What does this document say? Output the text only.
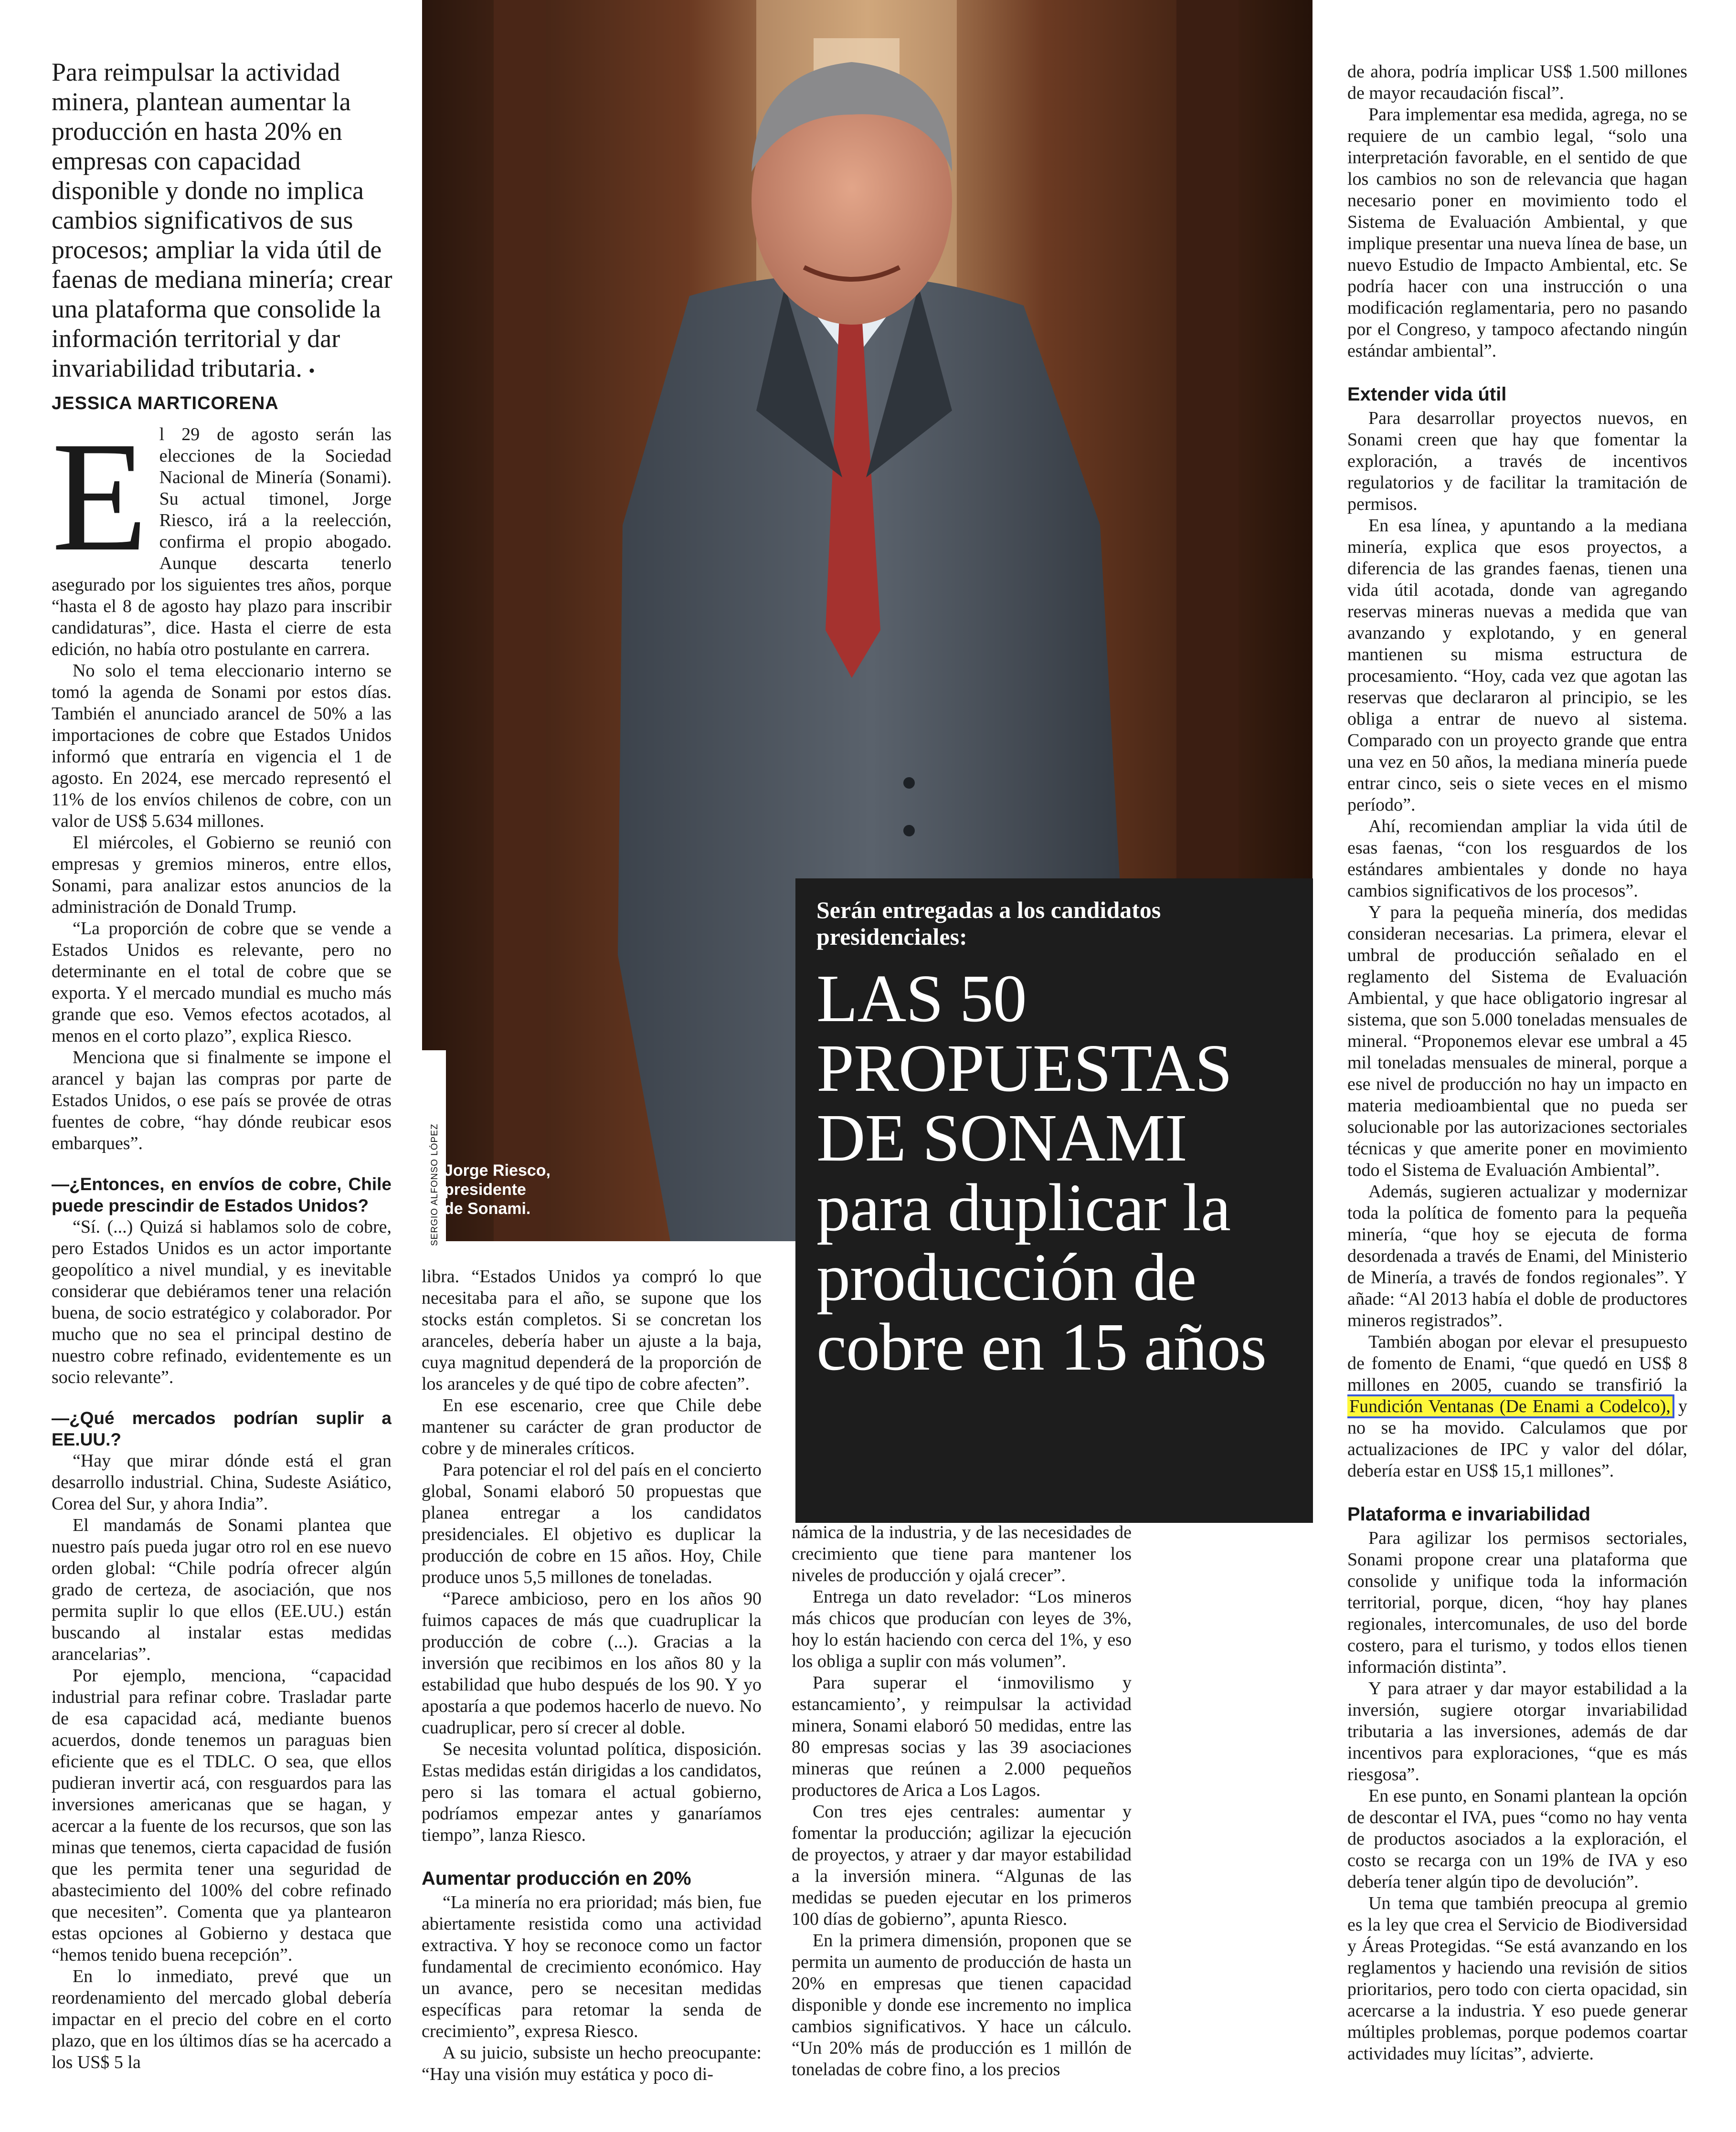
Para reimpulsar la actividad minera, plantean aumentar la producción en hasta 20% en empresas con capacidad disponible y donde no implica cambios significativos de sus procesos; ampliar la vida útil de faenas de mediana minería; crear una plataforma que consolide la información territorial y dar invariabilidad tributaria. • JESSICA MARTICORENA
SERGIO ALFONSO LÓPEZ Jorge Riesco,
presidente
de Sonami.
Serán entregadas a los candidatos presidenciales:
LAS 50 PROPUESTAS DE SONAMI para duplicar la producción de cobre en 15 años

El 29 de agosto serán las elecciones de la Sociedad Nacional de Minería (Sonami). Su actual timonel, Jorge Riesco, irá a la reelección, confirma el propio abogado. Aunque descarta tenerlo asegurado por los siguientes tres años, porque “hasta el 8 de agosto hay plazo para inscribir candidaturas”, dice. Hasta el cierre de esta edición, no había otro postulante en carrera.

No solo el tema eleccionario interno se tomó la agenda de Sonami por estos días. También el anunciado arancel de 50% a las importaciones de cobre que Estados Unidos informó que entraría en vigencia el 1 de agosto. En 2024, ese mercado representó el 11% de los envíos chilenos de cobre, con un valor de US$ 5.634 millones.

El miércoles, el Gobierno se reunió con empresas y gremios mineros, entre ellos, Sonami, para analizar estos anuncios de la administración de Donald Trump.

“La proporción de cobre que se vende a Estados Unidos es relevante, pero no determinante en el total de cobre que se exporta. Y el mercado mundial es mucho más grande que eso. Vemos efectos acotados, al menos en el corto plazo”, explica Riesco.

Menciona que si finalmente se impone el arancel y bajan las compras por parte de Estados Unidos, o ese país se provée de otras fuentes de cobre, “hay dónde reubicar esos embarques”.

—¿Entonces, en envíos de cobre, Chile puede prescindir de Estados Unidos?

“Sí. (...) Quizá si hablamos solo de cobre, pero Estados Unidos es un actor importante geopolítico a nivel mundial, y es inevitable considerar que debiéramos tener una relación buena, de socio estratégico y colaborador. Por mucho que no sea el principal destino de nuestro cobre refinado, evidentemente es un socio relevante”.

—¿Qué mercados podrían suplir a EE.UU.?

“Hay que mirar dónde está el gran desarrollo industrial. China, Sudeste Asiático, Corea del Sur, y ahora India”.

El mandamás de Sonami plantea que nuestro país pueda jugar otro rol en ese nuevo orden global: “Chile podría ofrecer algún grado de certeza, de asociación, que nos permita suplir lo que ellos (EE.UU.) están buscando al instalar estas medidas arancelarias”.

Por ejemplo, menciona, “capacidad industrial para refinar cobre. Trasladar parte de esa capacidad acá, mediante buenos acuerdos, donde tenemos un paraguas bien eficiente que es el TDLC. O sea, que ellos pudieran invertir acá, con resguardos para las inversiones americanas que se hagan, y acercar a la fuente de los recursos, que son las minas que tenemos, cierta capacidad de fusión que les permita tener una seguridad de abastecimiento del 100% del cobre refinado que necesiten”. Comenta que ya plantearon estas opciones al Gobierno y destaca que “hemos tenido buena recepción”.

En lo inmediato, prevé que un reordenamiento del mercado global debería impactar en el precio del cobre en el corto plazo, que en los últimos días se ha acercado a los US$ 5 la

libra. “Estados Unidos ya compró lo que necesitaba para el año, se supone que los stocks están completos. Si se concretan los aranceles, debería haber un ajuste a la baja, cuya magnitud dependerá de la proporción de los aranceles y de qué tipo de cobre afecten”.

En ese escenario, cree que Chile debe mantener su carácter de gran productor de cobre y de minerales críticos.

Para potenciar el rol del país en el concierto global, Sonami elaboró 50 propuestas que planea entregar a los candidatos presidenciales. El objetivo es duplicar la producción de cobre en 15 años. Hoy, Chile produce unos 5,5 millones de toneladas.

“Parece ambicioso, pero en los años 90 fuimos capaces de más que cuadruplicar la producción de cobre (...). Gracias a la inversión que recibimos en los años 80 y la estabilidad que hubo después de los 90. Y yo apostaría a que podemos hacerlo de nuevo. No cuadruplicar, pero sí crecer al doble.

Se necesita voluntad política, disposición. Estas medidas están dirigidas a los candidatos, pero si las tomara el actual gobierno, podríamos empezar antes y ganaríamos tiempo”, lanza Riesco.

Aumentar producción en 20%

“La minería no era prioridad; más bien, fue abiertamente resistida como una actividad extractiva. Y hoy se reconoce como un factor fundamental de crecimiento económico. Hay un avance, pero se necesitan medidas específicas para retomar la senda de crecimiento”, expresa Riesco.

A su juicio, subsiste un hecho preocupante: “Hay una visión muy estática y poco di-

námica de la industria, y de las necesidades de crecimiento que tiene para mantener los niveles de producción y ojalá crecer”.

Entrega un dato revelador: “Los mineros más chicos que producían con leyes de 3%, hoy lo están haciendo con cerca del 1%, y eso los obliga a suplir con más volumen”.

Para superar el ‘inmovilismo y estancamiento’, y reimpulsar la actividad minera, Sonami elaboró 50 medidas, entre las 80 empresas socias y las 39 asociaciones mineras que reúnen a 2.000 pequeños productores de Arica a Los Lagos.

Con tres ejes centrales: aumentar y fomentar la producción; agilizar la ejecución de proyectos, y atraer y dar mayor estabilidad a la inversión minera. “Algunas de las medidas se pueden ejecutar en los primeros 100 días de gobierno”, apunta Riesco.

En la primera dimensión, proponen que se permita un aumento de producción de hasta un 20% en empresas que tienen capacidad disponible y donde ese incremento no implica cambios significativos. Y hace un cálculo. “Un 20% más de producción es 1 millón de toneladas de cobre fino, a los precios

de ahora, podría implicar US$ 1.500 millones de mayor recaudación fiscal”.

Para implementar esa medida, agrega, no se requiere de un cambio legal, “solo una interpretación favorable, en el sentido de que los cambios no son de relevancia que hagan necesario poner en movimiento todo el Sistema de Evaluación Ambiental, y que implique presentar una nueva línea de base, un nuevo Estudio de Impacto Ambiental, etc. Se podría hacer con una instrucción o una modificación reglamentaria, pero no pasando por el Congreso, y tampoco afectando ningún estándar ambiental”.

Extender vida útil

Para desarrollar proyectos nuevos, en Sonami creen que hay que fomentar la exploración, a través de incentivos regulatorios y de facilitar la tramitación de permisos.

En esa línea, y apuntando a la mediana minería, explica que esos proyectos, a diferencia de las grandes faenas, tienen una vida útil acotada, donde van agregando reservas mineras nuevas a medida que van avanzando y explotando, y en general mantienen su misma estructura de procesamiento. “Hoy, cada vez que agotan las reservas que declararon al principio, se les obliga a entrar de nuevo al sistema. Comparado con un proyecto grande que entra una vez en 50 años, la mediana minería puede entrar cinco, seis o siete veces en el mismo período”.

Ahí, recomiendan ampliar la vida útil de esas faenas, “con los resguardos de los estándares ambientales y donde no haya cambios significativos de los procesos”.

Y para la pequeña minería, dos medidas consideran necesarias. La primera, elevar el umbral de producción señalado en el reglamento del Sistema de Evaluación Ambiental, y que hace obligatorio ingresar al sistema, que son 5.000 toneladas mensuales de mineral. “Proponemos elevar ese umbral a 45 mil toneladas mensuales de mineral, porque a ese nivel de producción no hay un impacto en materia medioambiental que no pueda ser solucionable por las autorizaciones sectoriales técnicas y que amerite poner en movimiento todo el Sistema de Evaluación Ambiental”.

Además, sugieren actualizar y modernizar toda la política de fomento para la pequeña minería, “que hoy se ejecuta de forma desordenada a través de Enami, del Ministerio de Minería, a través de fondos regionales”. Y añade: “Al 2013 había el doble de productores mineros registrados”.

También abogan por elevar el presupuesto de fomento de Enami, “que quedó en US$ 8 millones en 2005, cuando se transfirió la Fundición Ventanas (De Enami a Codelco), y no se ha movido. Calculamos que por actualizaciones de IPC y valor del dólar, debería estar en US$ 15,1 millones”.

Plataforma e invariabilidad

Para agilizar los permisos sectoriales, Sonami propone crear una plataforma que consolide y unifique toda la información territorial, porque, dicen, “hoy hay planes regionales, intercomunales, de uso del borde costero, para el turismo, y todos ellos tienen información distinta”.

Y para atraer y dar mayor estabilidad a la inversión, sugiere otorgar invariabilidad tributaria a las inversiones, además de dar incentivos para exploraciones, “que es más riesgosa”.

En ese punto, en Sonami plantean la opción de descontar el IVA, pues “como no hay venta de productos asociados a la exploración, el costo se recarga con un 19% de IVA y eso debería tener algún tipo de devolución”.

Un tema que también preocupa al gremio es la ley que crea el Servicio de Biodiversidad y Áreas Protegidas. “Se está avanzando en los reglamentos y haciendo una revisión de sitios prioritarios, pero todo con cierta opacidad, sin acercarse a la industria. Y eso puede generar múltiples problemas, porque podemos coartar actividades muy lícitas”, advierte.
